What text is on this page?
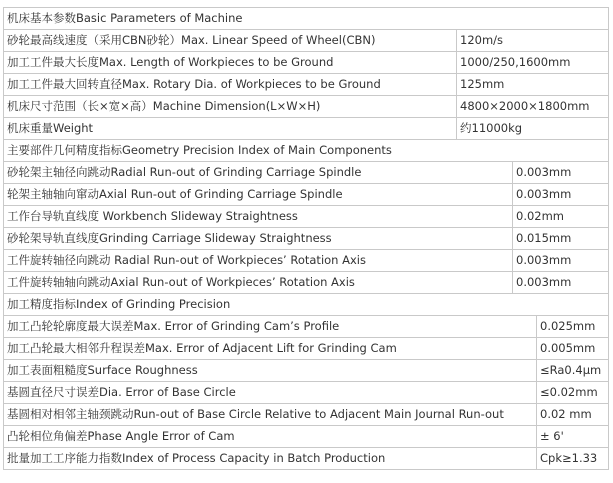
机床基本参数Basic Parameters of Machine			
砂轮最高线速度（采用CBN砂轮）Max. Linear Speed of Wheel(CBN)	120m/s		
加工工件最大长度Max. Length of Workpieces to be Ground	1000/250,1600mm		
加工工件最大回转直径Max. Rotary Dia. of Workpieces to be Ground	125mm		
机床尺寸范围（长×宽×高）Machine Dimension(L×W×H)	4800×2000×1800mm		
机床重量Weight	约11000kg		
主要部件几何精度指标Geometry Precision Index of Main Components			
砂轮架主轴径向跳动Radial Run-out of Grinding Carriage Spindle		0.003mm	
轮架主轴轴向窜动Axial Run-out of Grinding Carriage Spindle		0.003mm	
工作台导轨直线度 Workbench Slideway Straightness		0.02mm	
砂轮架导轨直线度Grinding Carriage Slideway Straightness		0.015mm	
工件旋转轴径向跳动 Radial Run-out of Workpieces’ Rotation Axis		0.003mm	
工件旋转轴轴向跳动Axial Run-out of Workpieces’ Rotation Axis		0.003mm	
加工精度指标Index of Grinding Precision			
加工凸轮轮廓度最大误差Max. Error of Grinding Cam’s Profile			0.025mm
加工凸轮最大相邻升程误差Max. Error of Adjacent Lift for Grinding Cam			0.005mm
加工表面粗糙度Surface Roughness			≤Ra0.4μm
基圆直径尺寸误差Dia. Error of Base Circle			≤0.02mm
基圆相对相邻主轴颈跳动Run-out of Base Circle Relative to Adjacent Main Journal Run-out			0.02 mm
凸轮相位角偏差Phase Angle Error of Cam			± 6'
批量加工工序能力指数Index of Process Capacity in Batch Production			Cpk≥1.33
